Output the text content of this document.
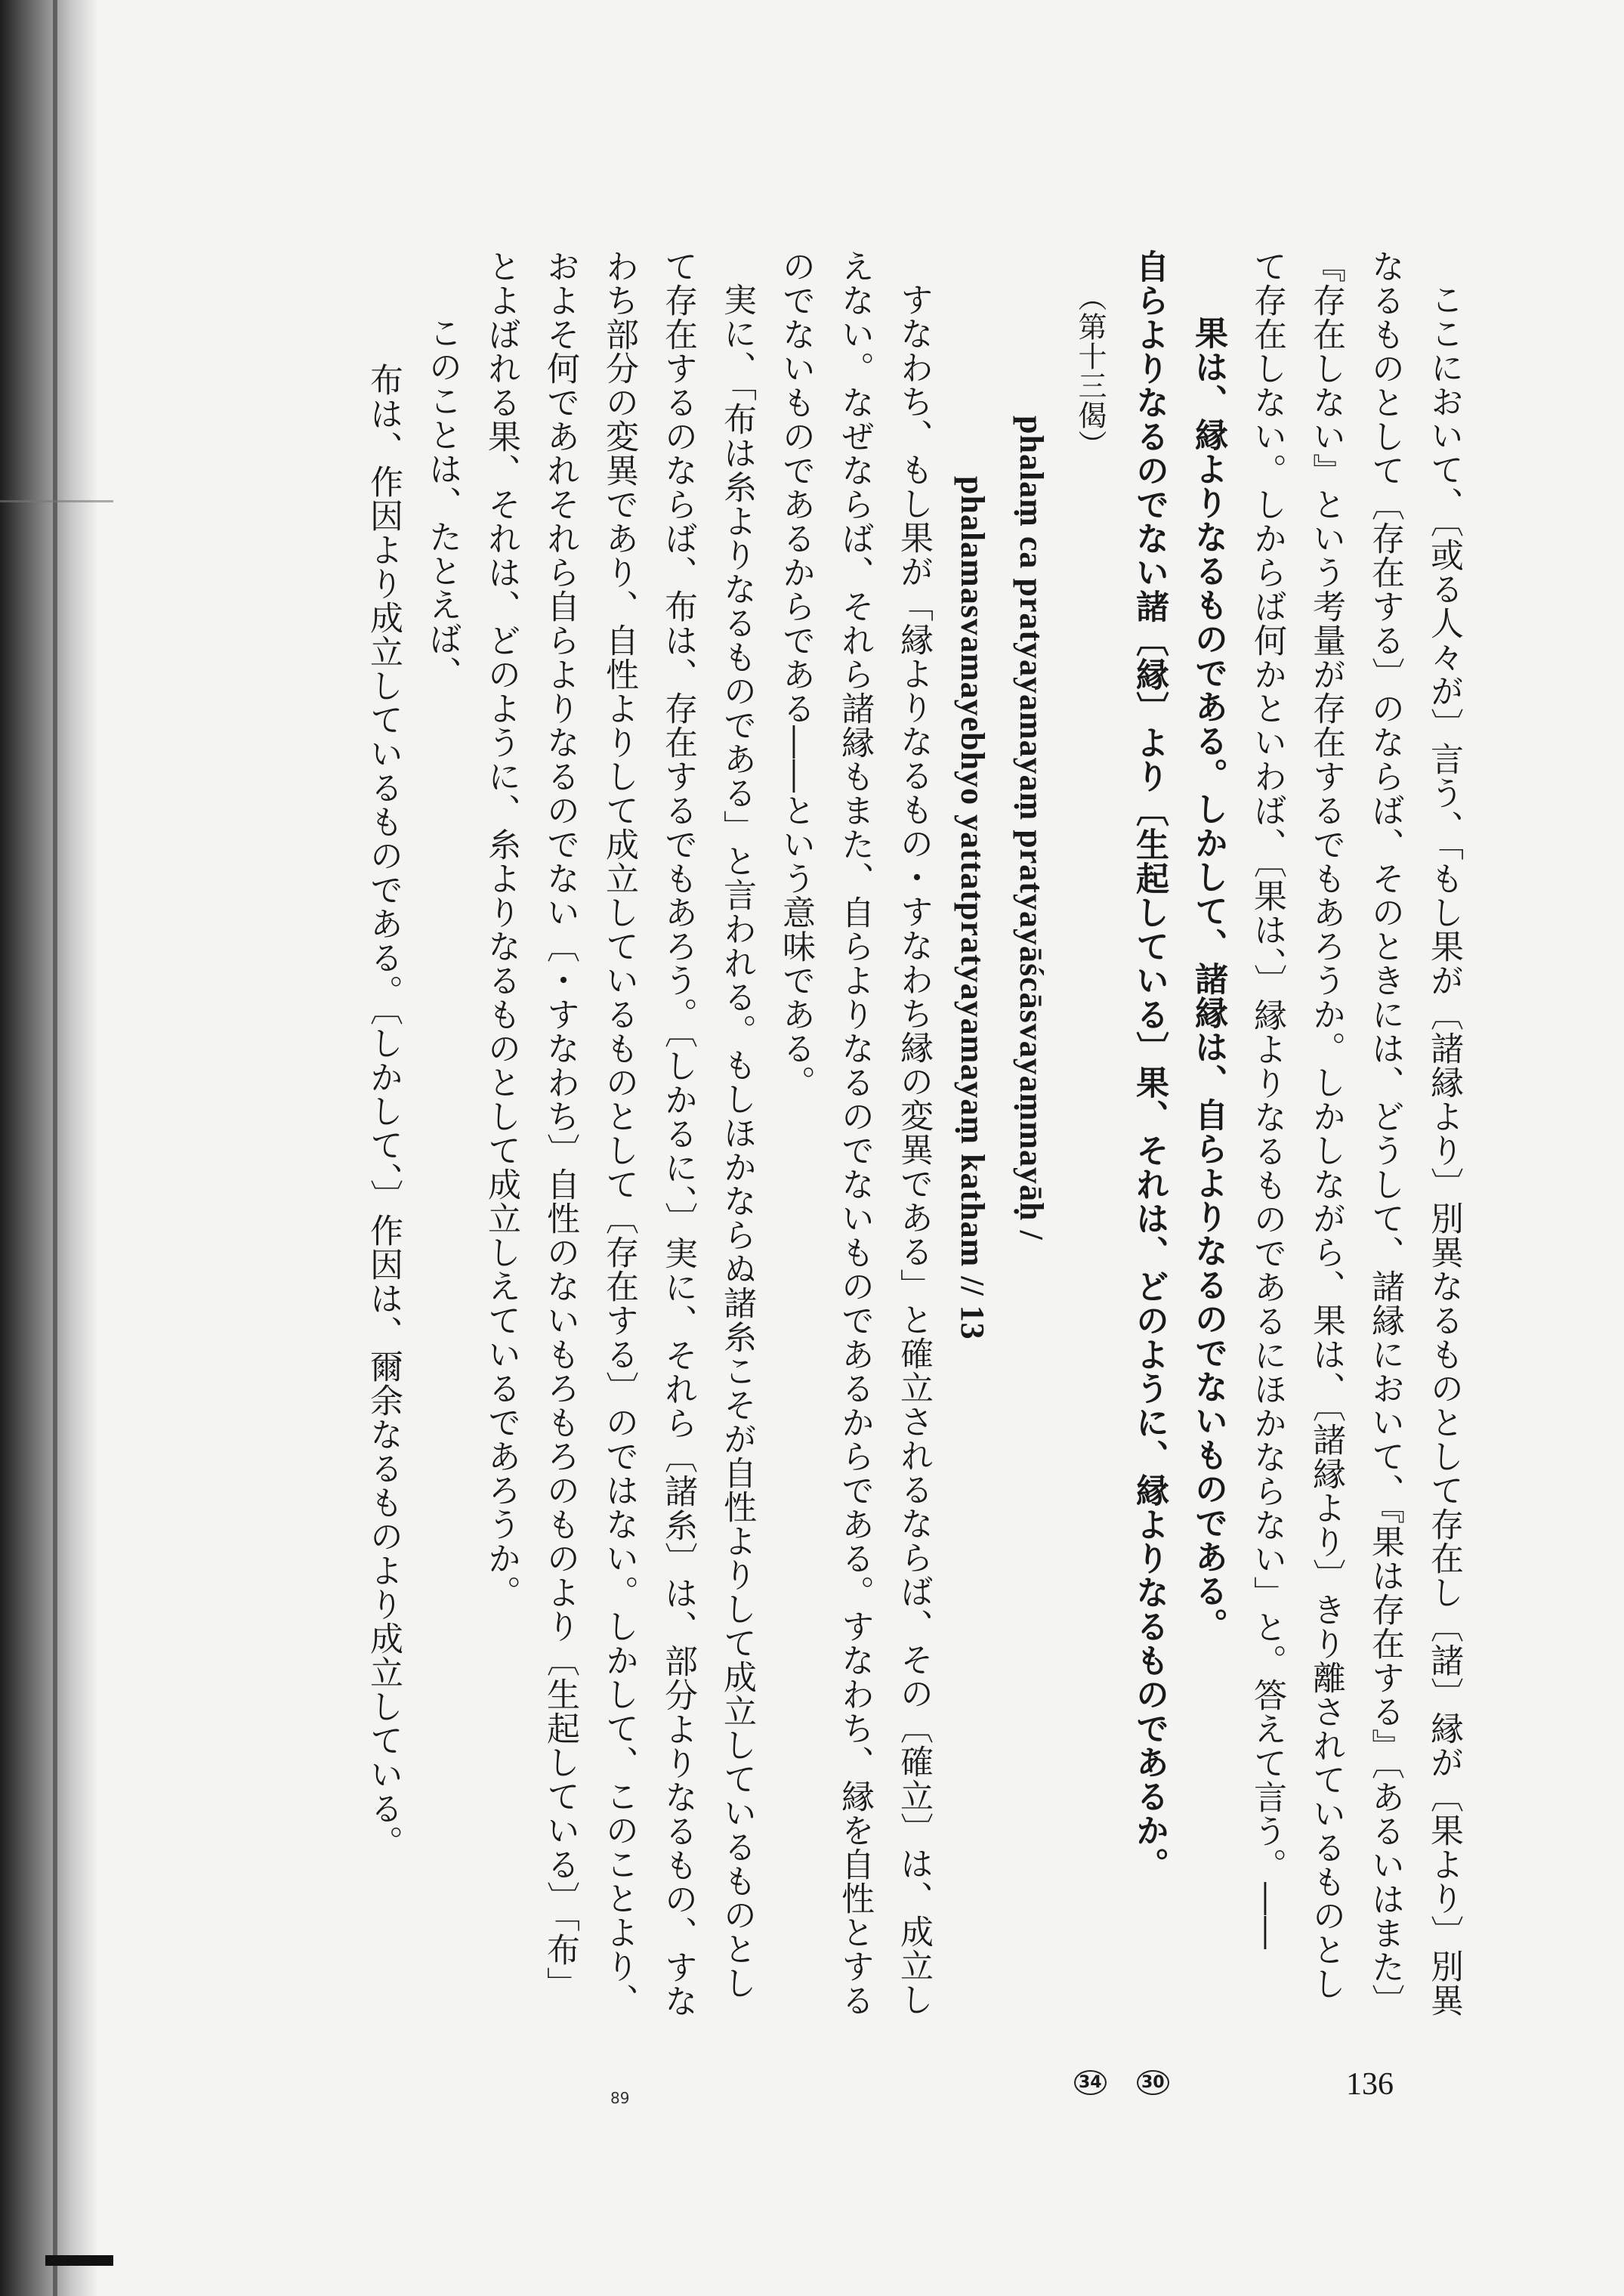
ここにおいて、〔或る人々が〕言う、「もし果が〔諸縁より〕別異なるものとして存在し〔諸〕縁が〔果より〕別異
なるものとして〔存在する〕のならば、そのときには、どうして、諸縁において、『果は存在する』〔あるいはまた〕
『存在しない』という考量が存在するでもあろうか。しかしながら、果は、〔諸縁より〕きり離されているものとし
て存在しない。しからば何かといわば、〔果は、〕縁よりなるものであるにほかならない」と。答えて言う。――
果は、縁よりなるものである。しかして、諸縁は、自らよりなるのでないものである。
自らよりなるのでない諸〔縁〕より〔生起している〕果、それは、どのように、縁よりなるものであるか。
（第十三偈）
phalaṃ ca pratyayamayaṃ pratyayāścāsvayaṃmayāḥ /
phalamasvamayebhyo yattatpratyayamayaṃ katham // 13
すなわち、もし果が「縁よりなるもの・すなわち縁の変異である」と確立されるならば、その〔確立〕は、成立し
えない。なぜならば、それら諸縁もまた、自らよりなるのでないものであるからである。すなわち、縁を自性とする
のでないものであるからである――という意味である。
実に、「布は糸よりなるものである」と言われる。もしほかならぬ諸糸こそが自性よりして成立しているものとし
て存在するのならば、布は、存在するでもあろう。〔しかるに、〕実に、それら〔諸糸〕は、部分よりなるもの、すな
わち部分の変異であり、自性よりして成立しているものとして〔存在する〕のではない。しかして、このことより、
およそ何であれそれら自らよりなるのでない〔・すなわち〕自性のないもろもろのものより〔生起している〕「布」
とよばれる果、それは、どのように、糸よりなるものとして成立しえているであろうか。
このことは、たとえば、
布は、作因より成立しているものである。〔しかして、〕作因は、爾余なるものより成立している。
136
30
34
89
